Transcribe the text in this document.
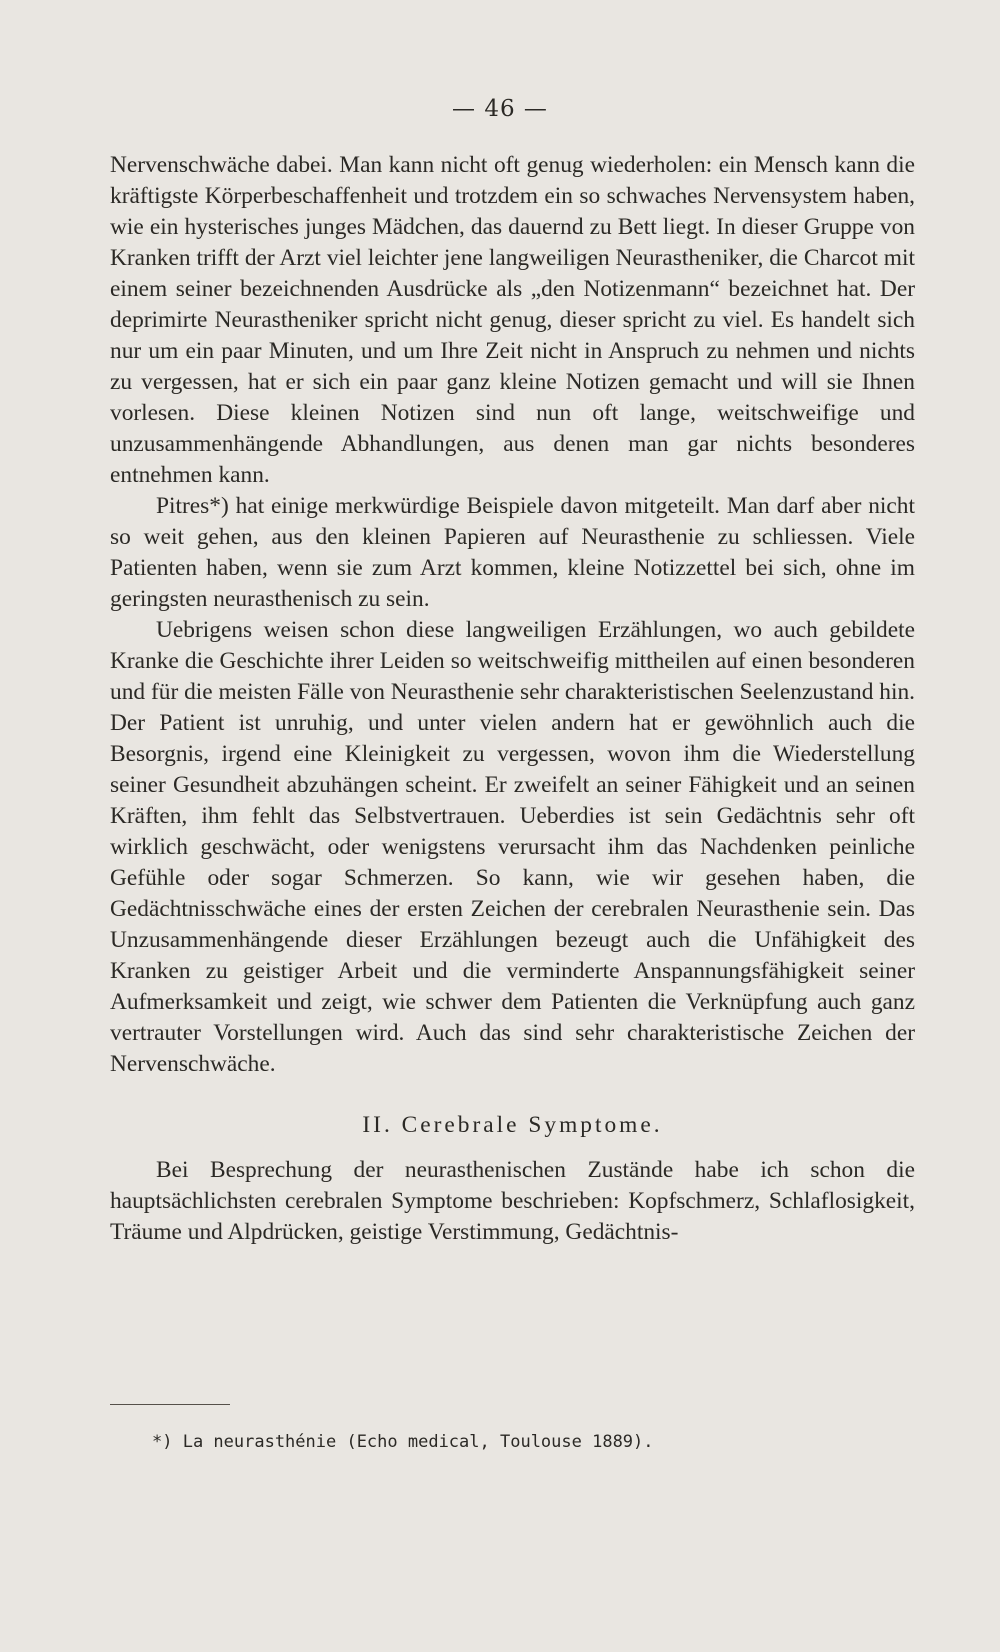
— 46 —

Nervenschwäche dabei. Man kann nicht oft genug wiederholen: ein Mensch kann die kräftigste Körperbeschaffenheit und trotzdem ein so schwaches Nervensystem haben, wie ein hysterisches junges Mädchen, das dauernd zu Bett liegt. In dieser Gruppe von Kranken trifft der Arzt viel leichter jene langweiligen Neurastheniker, die Charcot mit einem seiner bezeichnenden Ausdrücke als „den Notizenmann“ bezeichnet hat. Der deprimirte Neurastheniker spricht nicht genug, dieser spricht zu viel. Es handelt sich nur um ein paar Minuten, und um Ihre Zeit nicht in Anspruch zu nehmen und nichts zu vergessen, hat er sich ein paar ganz kleine Notizen gemacht und will sie Ihnen vorlesen. Diese kleinen Notizen sind nun oft lange, weitschweifige und unzusammenhängende Abhandlungen, aus denen man gar nichts besonderes entnehmen kann.

Pitres*) hat einige merkwürdige Beispiele davon mitgeteilt. Man darf aber nicht so weit gehen, aus den kleinen Papieren auf Neurasthenie zu schliessen. Viele Patienten haben, wenn sie zum Arzt kommen, kleine Notizzettel bei sich, ohne im geringsten neurasthenisch zu sein.

Uebrigens weisen schon diese langweiligen Erzählungen, wo auch gebildete Kranke die Geschichte ihrer Leiden so weitschweifig mittheilen auf einen besonderen und für die meisten Fälle von Neurasthenie sehr charakteristischen Seelenzustand hin. Der Patient ist unruhig, und unter vielen andern hat er gewöhnlich auch die Besorgnis, irgend eine Kleinigkeit zu vergessen, wovon ihm die Wiederstellung seiner Gesundheit abzuhängen scheint. Er zweifelt an seiner Fähigkeit und an seinen Kräften, ihm fehlt das Selbstvertrauen. Ueberdies ist sein Gedächtnis sehr oft wirklich geschwächt, oder wenigstens verursacht ihm das Nachdenken peinliche Gefühle oder sogar Schmerzen. So kann, wie wir gesehen haben, die Gedächtnisschwäche eines der ersten Zeichen der cerebralen Neurasthenie sein. Das Unzusammenhängende dieser Erzählungen bezeugt auch die Unfähigkeit des Kranken zu geistiger Arbeit und die verminderte Anspannungsfähigkeit seiner Aufmerksamkeit und zeigt, wie schwer dem Patienten die Verknüpfung auch ganz vertrauter Vorstellungen wird. Auch das sind sehr charakteristische Zeichen der Nervenschwäche.

II. Cerebrale Symptome.

Bei Besprechung der neurasthenischen Zustände habe ich schon die hauptsächlichsten cerebralen Symptome beschrieben: Kopfschmerz, Schlaflosigkeit, Träume und Alpdrücken, geistige Verstimmung, Gedächtnis-

*) La neurasthénie (Echo medical, Toulouse 1889).
